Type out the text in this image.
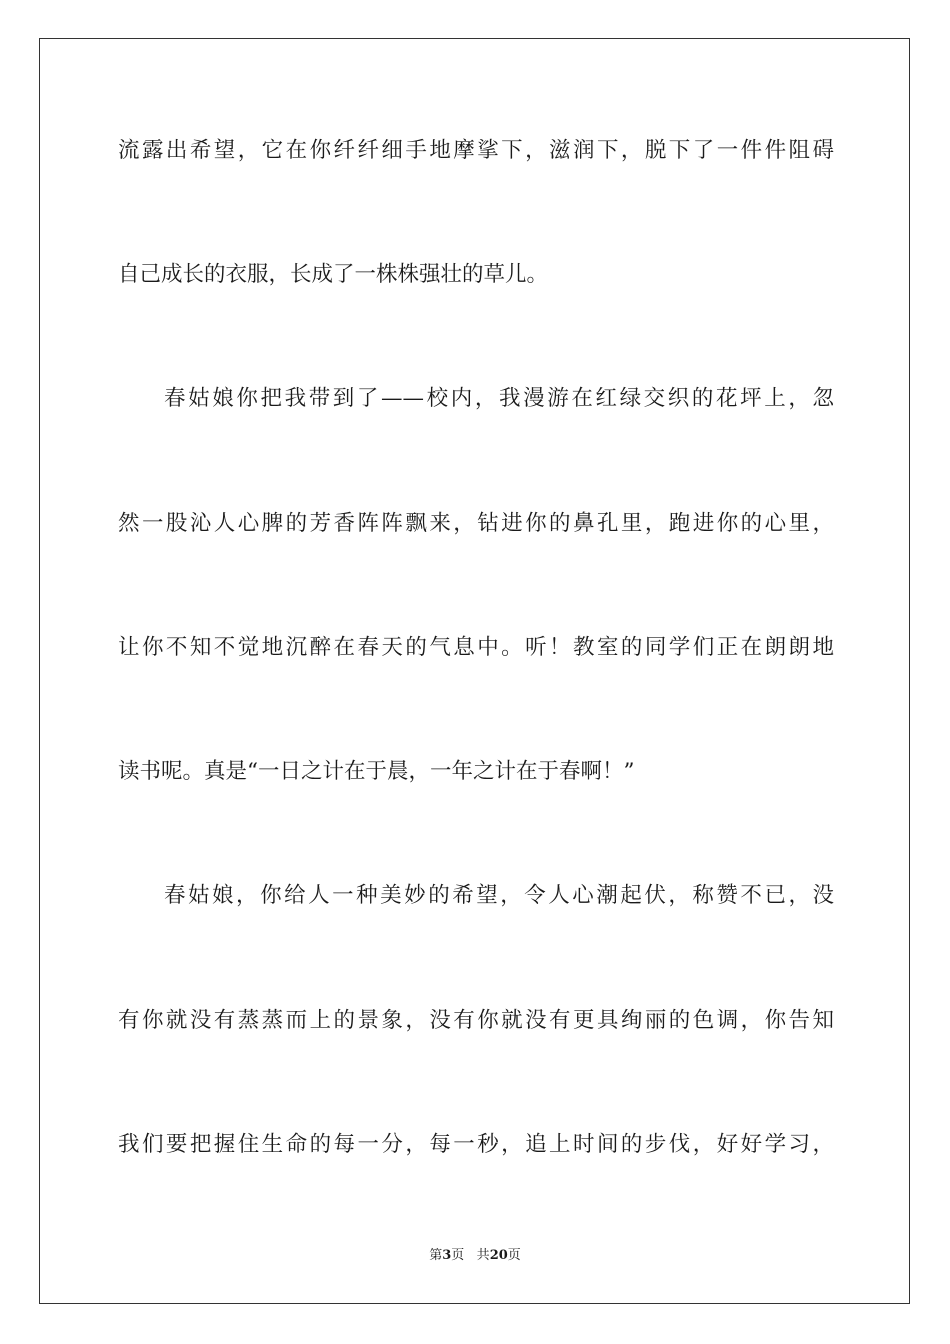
流露出希望，它在你纤纤细手地摩挲下，滋润下，脱下了一件件阻碍
自己成长的衣服，长成了一株株强壮的草儿。
春姑娘你把我带到了——校内，我漫游在红绿交织的花坪上，忽
然一股沁人心脾的芳香阵阵飘来，钻进你的鼻孔里，跑进你的心里，
让你不知不觉地沉醉在春天的气息中。听！教室的同学们正在朗朗地
读书呢。真是“一日之计在于晨，一年之计在于春啊！”
春姑娘，你给人一种美妙的希望，令人心潮起伏，称赞不已，没
有你就没有蒸蒸而上的景象，没有你就没有更具绚丽的色调，你告知
我们要把握住生命的每一分，每一秒，追上时间的步伐，好好学习，
第3页 共20页
